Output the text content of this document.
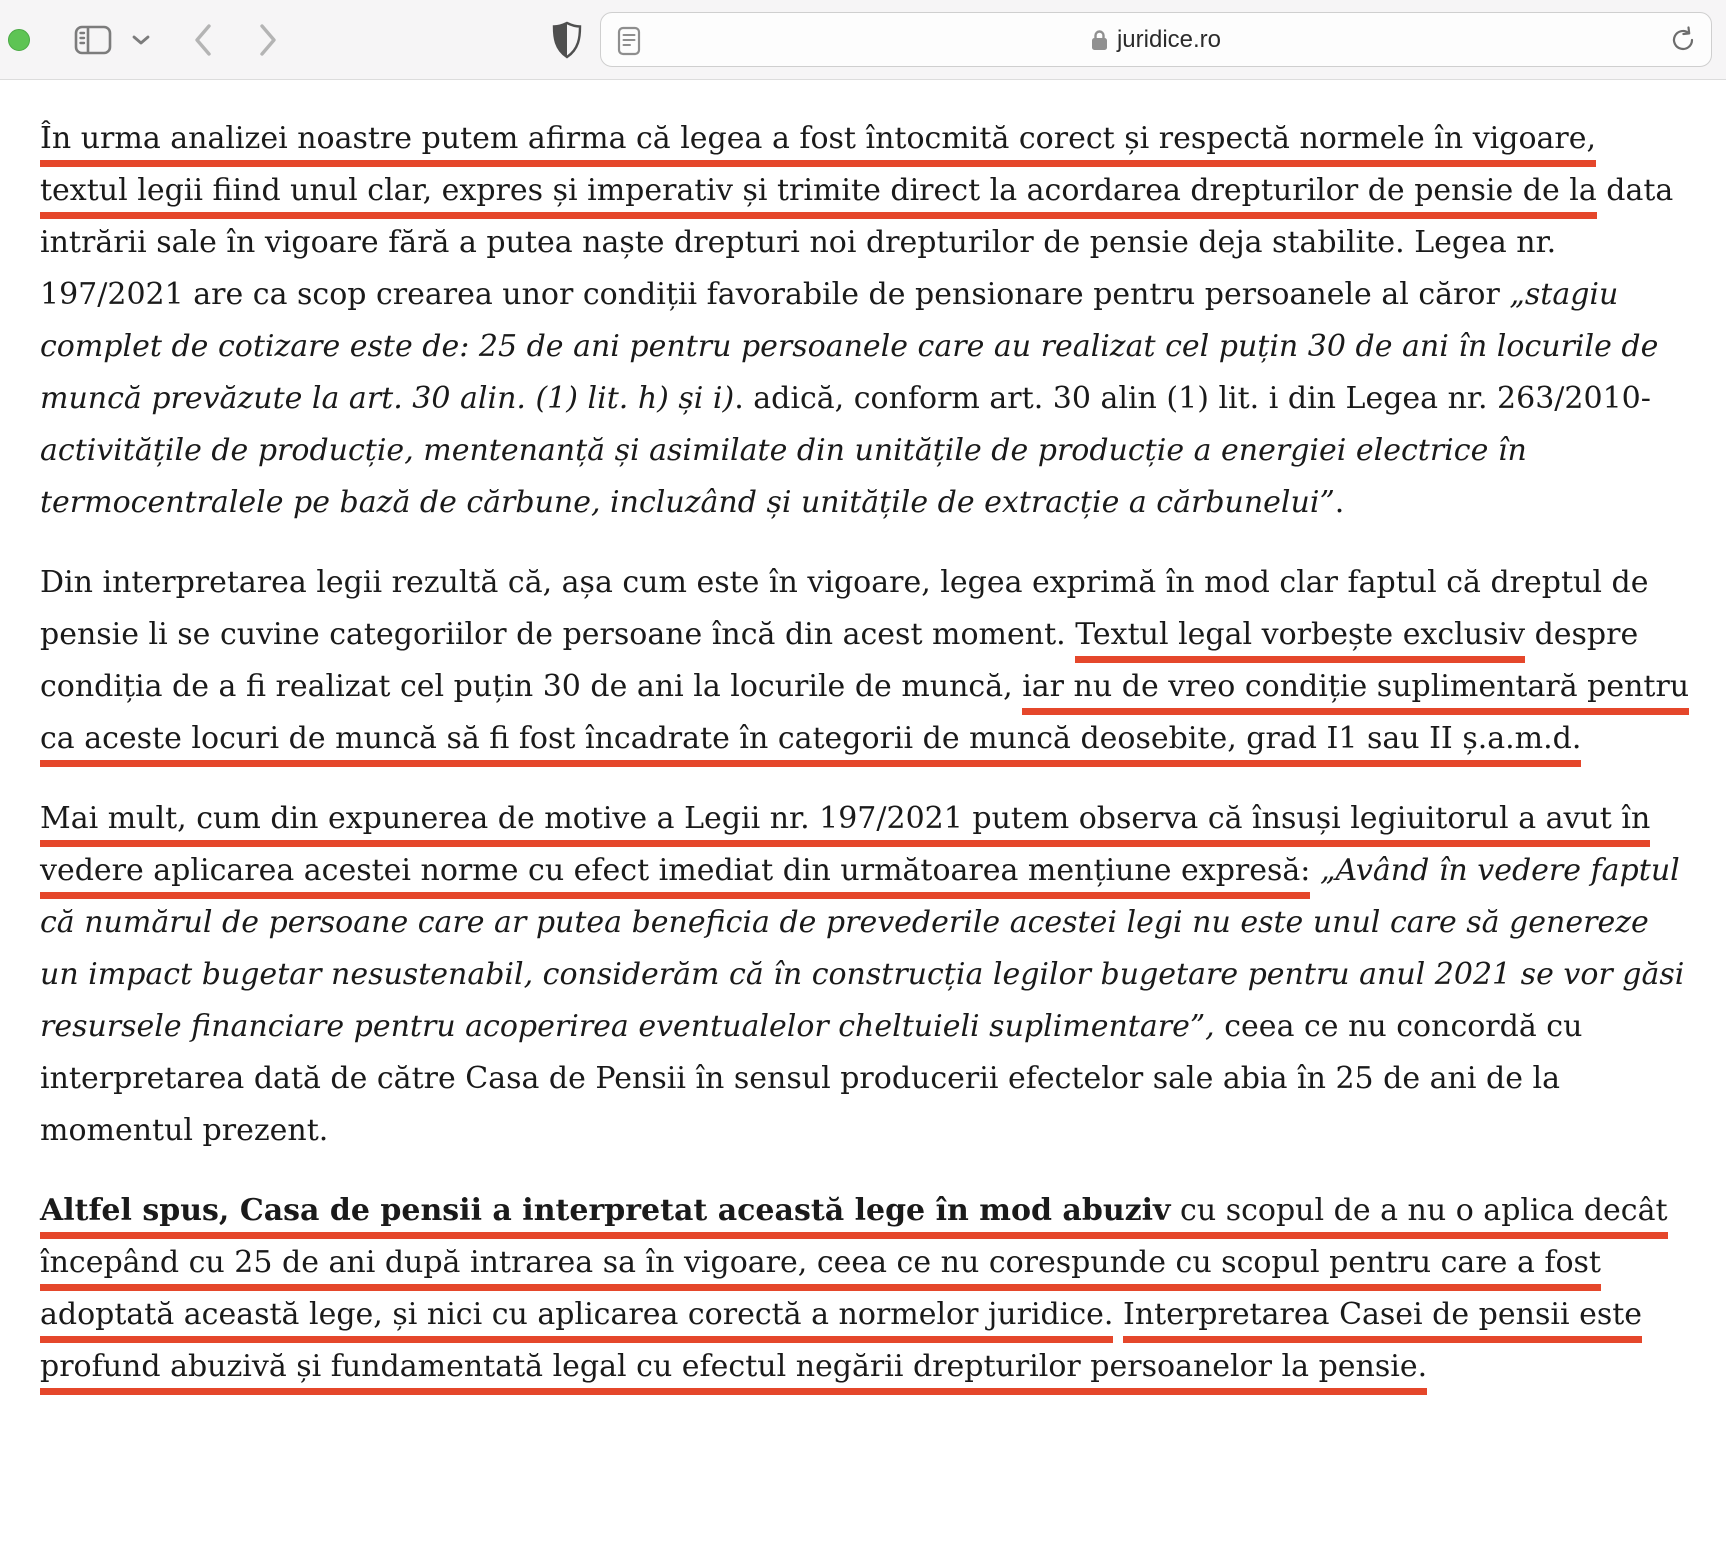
juridice.ro

În urma analizei noastre putem afirma că legea a fost întocmită corect și respectă normele în vigoare, textul legii fiind unul clar, expres și imperativ și trimite direct la acordarea drepturilor de pensie de la data intrării sale în vigoare fără a putea naște drepturi noi drepturilor de pensie deja stabilite. Legea nr. 197/2021 are ca scop crearea unor condiții favorabile de pensionare pentru persoanele al căror „stagiu complet de cotizare este de: 25 de ani pentru persoanele care au realizat cel puțin 30 de ani în locurile de muncă prevăzute la art. 30 alin. (1) lit. h) și i). adică, conform art. 30 alin (1) lit. i din Legea nr. 263/2010- activitățile de producție, mentenanță și asimilate din unitățile de producție a energiei electrice în termocentralele pe bază de cărbune, incluzând și unitățile de extracție a cărbunelui”.

Din interpretarea legii rezultă că, așa cum este în vigoare, legea exprimă în mod clar faptul că dreptul de pensie li se cuvine categoriilor de persoane încă din acest moment. Textul legal vorbește exclusiv despre condiția de a fi realizat cel puțin 30 de ani la locurile de muncă, iar nu de vreo condiție suplimentară pentru ca aceste locuri de muncă să fi fost încadrate în categorii de muncă deosebite, grad I1 sau II ș.a.m.d.

Mai mult, cum din expunerea de motive a Legii nr. 197/2021 putem observa că însuși legiuitorul a avut în vedere aplicarea acestei norme cu efect imediat din următoarea mențiune expresă: „Având în vedere faptul că numărul de persoane care ar putea beneficia de prevederile acestei legi nu este unul care să genereze un impact bugetar nesustenabil, considerăm că în construcția legilor bugetare pentru anul 2021 se vor găsi resursele financiare pentru acoperirea eventualelor cheltuieli suplimentare”, ceea ce nu concordă cu interpretarea dată de către Casa de Pensii în sensul producerii efectelor sale abia în 25 de ani de la momentul prezent.

Altfel spus, Casa de pensii a interpretat această lege în mod abuziv cu scopul de a nu o aplica decât începând cu 25 de ani după intrarea sa în vigoare, ceea ce nu corespunde cu scopul pentru care a fost adoptată această lege, și nici cu aplicarea corectă a normelor juridice. Interpretarea Casei de pensii este profund abuzivă și fundamentată legal cu efectul negării drepturilor persoanelor la pensie.
